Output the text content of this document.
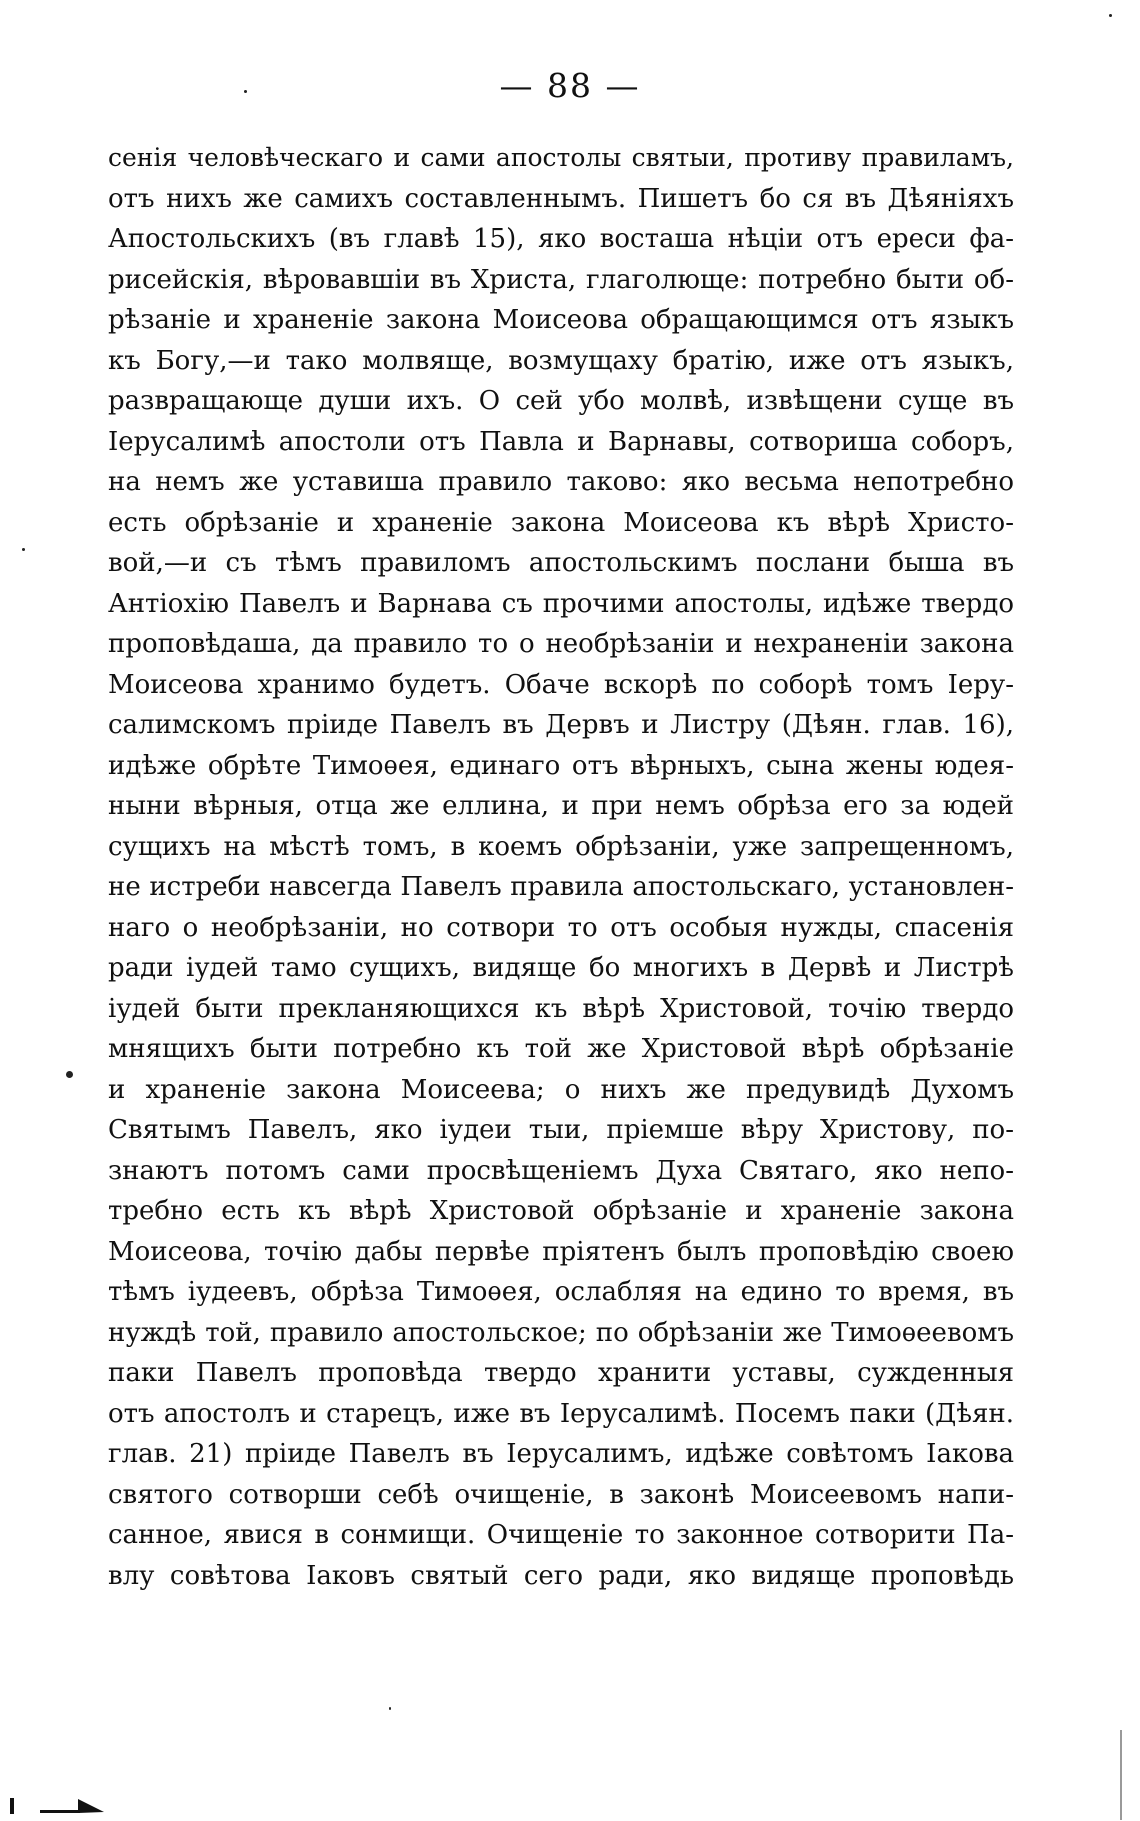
— 88 —
сенія человѣческаго и сами апостолы святыи, противу правиламъ,
отъ нихъ же самихъ составленнымъ. Пишетъ бо ся въ Дѣяніяхъ
Апостольскихъ (въ главѣ 15), яко восташа нѣціи отъ ереси фа-
рисейскія, вѣровавшіи въ Христа, глаголюще: потребно быти об-
рѣзаніе и храненіе закона Моисеова обращающимся отъ языкъ
къ Богу,—и тако молвяще, возмущаху братію, иже отъ языкъ,
развращающе души ихъ. О сей убо молвѣ, извѣщени суще въ
Іерусалимѣ апостоли отъ Павла и Варнавы, сотвориша соборъ,
на немъ же уставиша правило таково: яко весьма непотребно
есть обрѣзаніе и храненіе закона Моисеова къ вѣрѣ Христо-
вой,—и съ тѣмъ правиломъ апостольскимъ послани быша въ
Антіохію Павелъ и Варнава съ прочими апостолы, идѣже твердо
проповѣдаша, да правило то о необрѣзаніи и нехраненіи закона
Моисеова хранимо будетъ. Обаче вскорѣ по соборѣ томъ Іеру-
салимскомъ пріиде Павелъ въ Дервъ и Листру (Дѣян. глав. 16),
идѣже обрѣте Тимоѳея, единаго отъ вѣрныхъ, сына жены юдея-
ныни вѣрныя, отца же еллина, и при немъ обрѣза его за юдей
сущихъ на мѣстѣ томъ, в коемъ обрѣзаніи, уже запрещенномъ,
не истреби навсегда Павелъ правила апостольскаго, установлен-
наго о необрѣзаніи, но сотвори то отъ особыя нужды, спасенія
ради іудей тамо сущихъ, видяще бо многихъ в Дервѣ и Листрѣ
іудей быти прекланяющихся къ вѣрѣ Христовой, точію твердо
мнящихъ быти потребно къ той же Христовой вѣрѣ обрѣзаніе
и храненіе закона Моисеева; о нихъ же предувидѣ Духомъ
Святымъ Павелъ, яко іудеи тыи, пріемше вѣру Христову, по-
знаютъ потомъ сами просвѣщеніемъ Духа Святаго, яко непо-
требно есть къ вѣрѣ Христовой обрѣзаніе и храненіе закона
Моисеова, точію дабы первѣе пріятенъ былъ проповѣдію своею
тѣмъ іудеевъ, обрѣза Тимоѳея, ослабляя на едино то время, въ
нуждѣ той, правило апостольское; по обрѣзаніи же Тимоѳеевомъ
паки Павелъ проповѣда твердо хранити уставы, сужденныя
отъ апостолъ и старецъ, иже въ Іерусалимѣ. Посемъ паки (Дѣян.
глав. 21) пріиде Павелъ въ Іерусалимъ, идѣже совѣтомъ Іакова
святого сотворши себѣ очищеніе, в законѣ Моисеевомъ напи-
санное, явися в сонмищи. Очищеніе то законное сотворити Па-
влу совѣтова Іаковъ святый сего ради, яко видяще проповѣдь
